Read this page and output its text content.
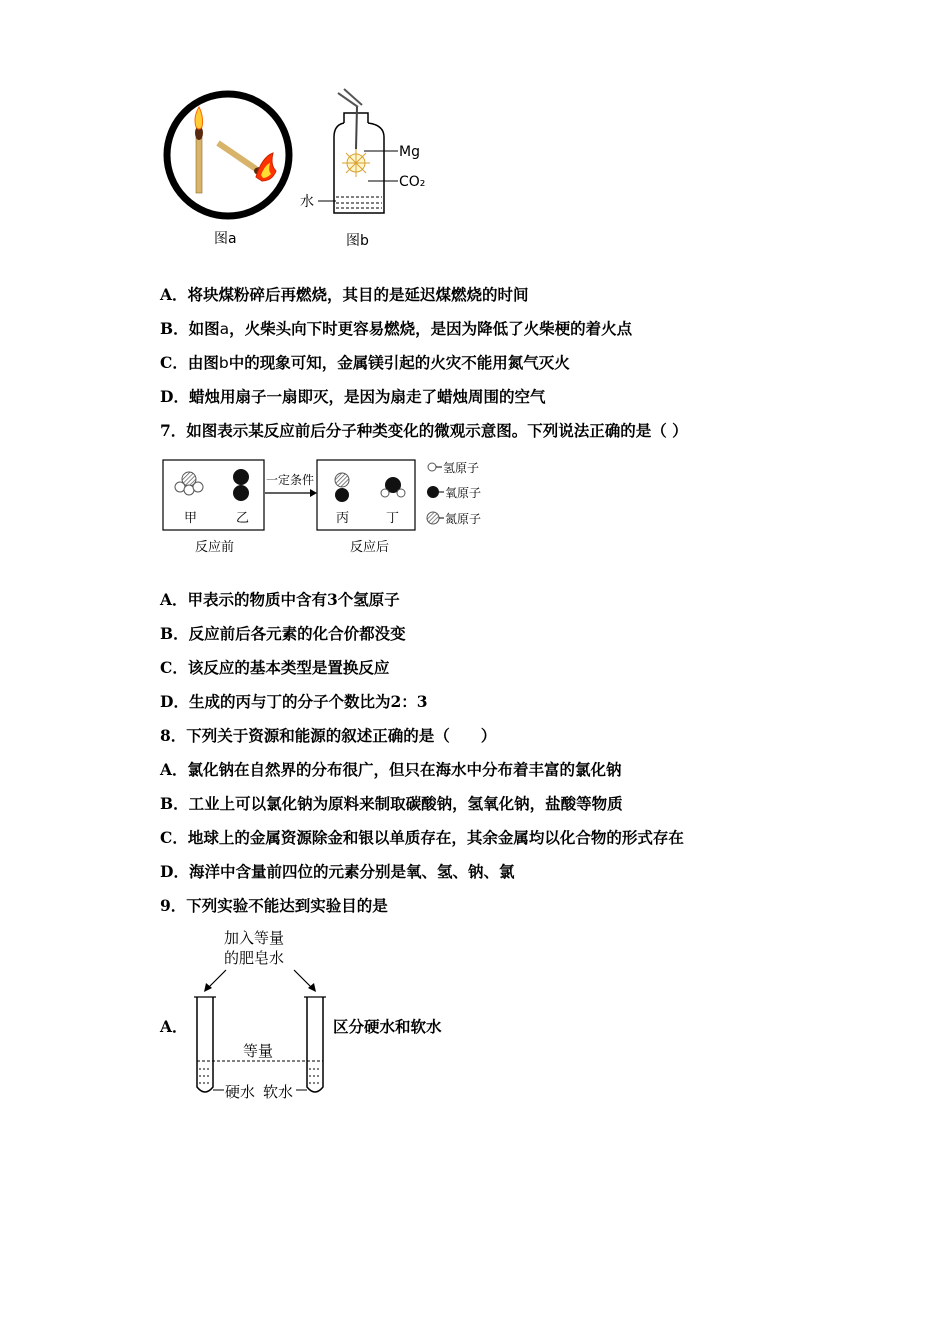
图a
Mg
CO₂
水
图b
A．将块煤粉碎后再燃烧，其目的是延迟煤燃烧的时间
B．如图a，火柴头向下时更容易燃烧，是因为降低了火柴梗的着火点
C．由图b中的现象可知，金属镁引起的火灾不能用氮气灭火
D．蜡烛用扇子一扇即灭，是因为扇走了蜡烛周围的空气
7．如图表示某反应前后分子种类变化的微观示意图。下列说法正确的是（ ）
甲	乙
反应前
一定条件
丙	丁
反应后
氢原子
氧原子
氮原子
A．甲表示的物质中含有3个氢原子
B．反应前后各元素的化合价都没变
C．该反应的基本类型是置换反应
D．生成的丙与丁的分子个数比为2：3
8．下列关于资源和能源的叙述正确的是（　　）
A．氯化钠在自然界的分布很广，但只在海水中分布着丰富的氯化钠
B．工业上可以氯化钠为原料来制取碳酸钠，氢氧化钠，盐酸等物质
C．地球上的金属资源除金和银以单质存在，其余金属均以化合物的形式存在
D．海洋中含量前四位的元素分别是氧、氢、钠、氯
9．下列实验不能达到实验目的是
A．	区分硬水和软水
加入等量
的肥皂水
等量
硬水 软水
